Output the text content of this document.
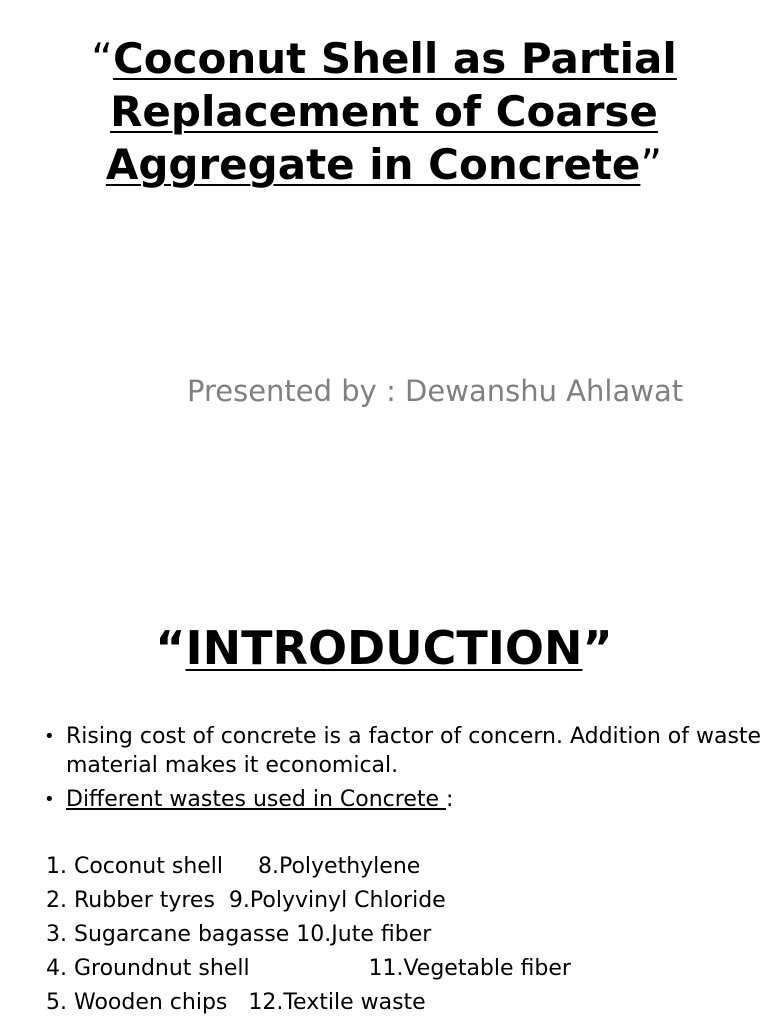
“Coconut Shell as Partial
Replacement of Coarse
Aggregate in Concrete”
Presented by : Dewanshu Ahlawat
“INTRODUCTION”
• Rising cost of concrete is a factor of concern. Addition of waste material makes it economical.
• Different wastes used in Concrete :
1. Coconut shell     8.Polyethylene
2. Rubber tyres  9.Polyvinyl Chloride
3. Sugarcane bagasse 10.Jute fiber
4. Groundnut shell                 11.Vegetable fiber
5. Wooden chips   12.Textile waste
